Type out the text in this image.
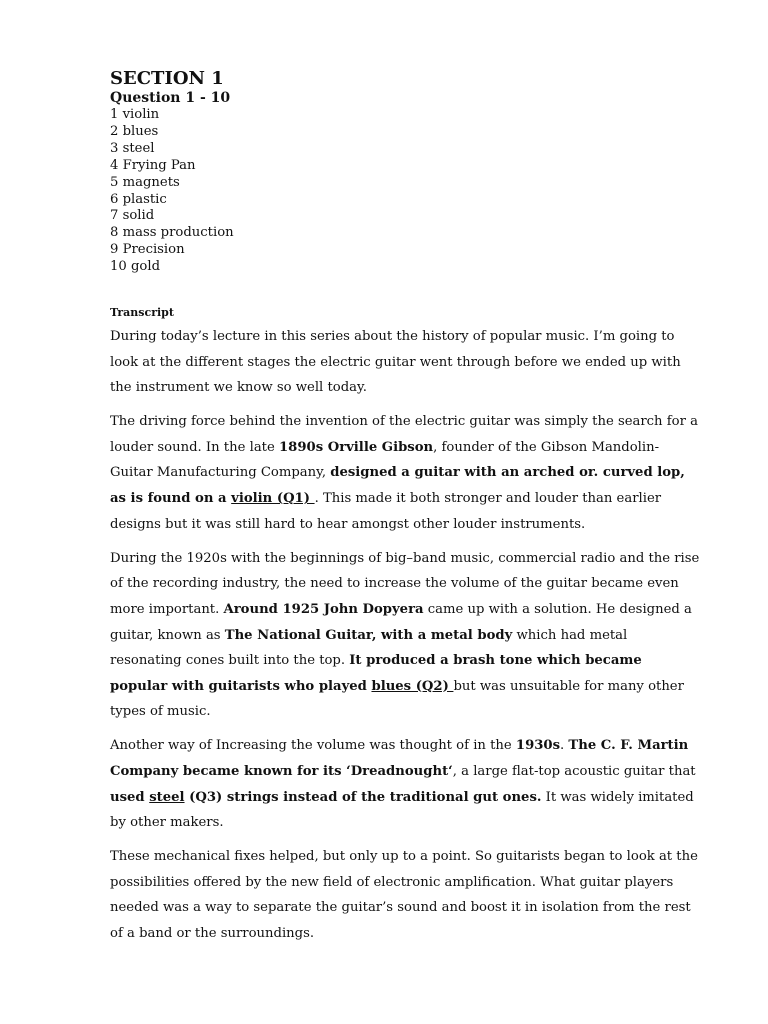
SECTION 1
Question 1 - 10
1 violin
2 blues
3 steel
4 Frying Pan
5 magnets
6 plastic
7 solid
8 mass production
9 Precision
10 gold

Transcript

During today’s lecture in this series about the history of popular music. I’m going to look at the different stages the electric guitar went through before we ended up with the instrument we know so well today.

The driving force behind the invention of the electric guitar was simply the search for a louder sound. In the late 1890s Orville Gibson, founder of the Gibson Mandolin-Guitar Manufacturing Company, designed a guitar with an arched or. curved lop, as is found on a violin (Q1) . This made it both stronger and louder than earlier designs but it was still hard to hear amongst other louder instruments.

During the 1920s with the beginnings of big–band music, commercial radio and the rise of the recording industry, the need to increase the volume of the guitar became even more important. Around 1925 John Dopyera came up with a solution. He designed a guitar, known as The National Guitar, with a metal body which had metal resonating cones built into the top. It produced a brash tone which became popular with guitarists who played blues (Q2) but was unsuitable for many other types of music.

Another way of Increasing the volume was thought of in the 1930s. The C. F. Martin Company became known for its ‘Dreadnought‘, a large flat-top acoustic guitar that used steel (Q3) strings instead of the traditional gut ones. It was widely imitated by other makers.

These mechanical fixes helped, but only up to a point. So guitarists began to look at the possibilities offered by the new field of electronic amplification. What guitar players needed was a way to separate the guitar’s sound and boost it in isolation from the rest of a band or the surroundings.
